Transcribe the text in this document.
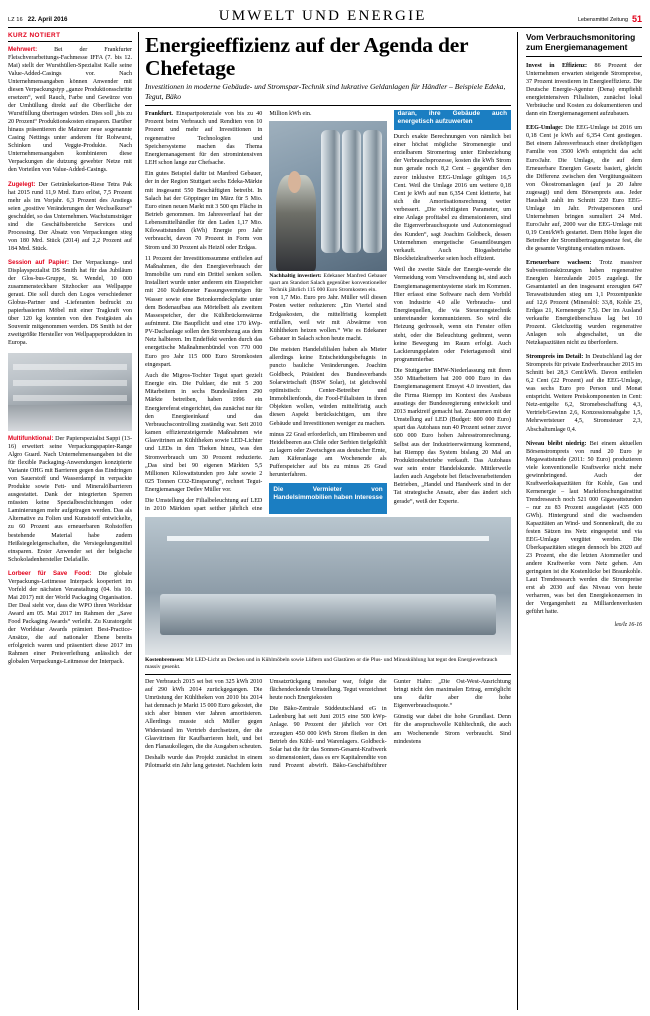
LZ 16 22. April 2016	UMWELT UND ENERGIE	Lebensmittel Zeitung 51
KURZ NOTIERT
Mehrwert:	Bei der Frankfurter Fleischverarbeitungs-Fachmesse IFFA (7. bis 12. Mai) stellt der Wursthüllen-Spezialist Kalle seine Value-Added-Casings vor. Nach Unternehmensangaben können Anwender mit diesen Verpackungstyp „ganze Produktionsschritte ersetzen“, weil Rauch, Farbe und Gewürze von der Umhüllung direkt auf die Oberfläche der Wurstfüllung übertragen würden. Dies soll „bis zu 20 Prozent“ Produktionskosten einsparen. Darüber hinaus präsentieren die Mainzer neue sogenannte Casing Nettings unter anderem für Rohwurst, Schinken und Veggie-Produkte. Nach Unternehmensangaben kombinieren diese Verpackungen die dutzung gewebter Netze mit den Vorteilen von Value-Added-Casings.
Zugelegt: Der Getränkekarton-Riese Tetra Pak hat 2015 rund 11,9 Mrd. Euro erlöst, 7,5 Prozent mehr als im Vorjahr. 6,3 Prozent des Anstiegs seien „positive Veränderungen der Wechselkurse“ geschuldet, so das Unternehmen. Wachstumsträger sind die Geschäftsbereiche Services und Processing. Der Absatz von Verpackungen stieg von 180 Mrd. Stück (2014) auf 2,2 Prozent auf 184 Mrd. Stück.
Session auf Papier: Der Verpackungs- und Displayspezialist DS Smith hat für das Jubiläum der Glos-bus-Gruppe, St. Wendel, 10 000 zusammensteckbare Sitzhocker aus Wellpappe geraut. Die soll durch den Logos verschiedener Globus-Partner und -Lieferanten bedruckt zu papierbasierten Möbel mit einer Tragkraft von über 120 kg konnten von den Festgästen als Souvenir mitgenommen werden. DS Smith ist der zweitgrößte Hersteller von Wellpappeprodukten in Europa.
Multifunktional: Der Papierspezialist Sappi (13-16) erweitert seine Verpackungspapier-Range Algro Guard. Nach Unternehmensangaben ist die für flexible Packaging-Anwendungen konzipierte Variante OHG mit Barrieren gegen das Eindringen von Sauerstoff und Wasserdampf in verpackte Produkte sowie Fett- und Mineralölbarrieren ausgestattet. Dank der integrierten Sperren müssten keine Spezialbeschichtungen oder Laminierungen mehr aufgetragen werden. Das als Alternative zu Folien und Kunststoff entwickelte, zu 60 Prozent aus erneuerbaren Rohstoffen bestehende Material habe zudem Heißsiegeleigenschaften, die Versiegelungsmittel einsparen. Erster Anwender sei der belgische Schokoladenhersteller Delafaille.
Lorbeer für Save Food: Die globale Verpackungs-Leitmesse Interpack kooperiert im Vorfeld der nächsten Veranstaltung (04. bis 10. Mai 2017) mit der World Packaging Organisation. Der Deal sieht vor, dass die WPO ihren Worldstar Award am 05. Mai 2017 im Rahmen der „Save Food Packaging Awards“ verleiht. Zu Kuratorgeht der Worldstar Awards prämiert Best-Practice-Ansätze, die auf nationaler Ebene bereits erfolgreich waren und präsentiert diese 2017 im Rahmen einer Preisverleihung anlässlich der globalen Verpackungs-Leitmesse der Interpack.
Energieeffizienz auf der Agenda der Chefetage
Investitionen in moderne Gebäude- und Stromspar-Technik sind lukrative Geldanlagen für Händler – Beispiele Edeka, Tegut, Bäko

Frankfurt. Einspartpotenziale von bis zu 40 Prozent beim Verbrauch und Renditen von 10 Prozent und mehr auf Investitionen in regenerative Technologien und Speichersysteme machen das Thema Energiemanagement für den stromintensiven LEH schon lange zur Chefsache.

Ein gutes Beispiel dafür ist Manfred Gebauer, der in der Region Stuttgart sechs Edeka-Märkte mit insgesamt 550 Beschäftigten betreibt. In Salach hat der Göppinger im März für 5 Mio. Euro einen neuen Markt mit 3 500 qm Fläche in Betrieb genommen. Im Jahresverlauf hat der Lebensmittelhändler für den Laden 1,17 Mio. Kilowattstunden (kWh) Energie pro Jahr verbraucht, davon 70 Prozent in Form von Strom und 30 Prozent als Heizöl oder Erdgas.

11 Prozent der Investitionssumme entfielen auf Maßnahmen, die den Energieverbrauch der Immobilie um rund ein Drittel senken sollen. Installiert wurde unter anderem ein Eisspeicher mit 260 Kubikmeter Fassungsvermögen für Wasser sowie eine Betonkerndeckplatte unter dem Bodenaufbau aus Mörtelbett als zweitem Massespeicher, der die Kühlbrückenwärme aufnimmt. Die Baupflicht und eine 170 kWp-PV-Dachanlage sollen den Strombezug aus dem Netz halbieren. Im Endeffekt werden durch das energetische Maßnahmenbündel von 770 000 Euro pro Jahr 115 000 Euro Stromkosten eingespart.

Auch die Migros-Tochter Tegut spart gezielt Energie ein. Die Fuldaer, die mit 5 200 Mitarbeitern in sechs Bundesländern 290 Märkte betreiben, haben 1996 ein Energiereferat eingerichtet, das zunächst nur für den Energieeinkauf und das Verbrauchscontrolling zuständig war. Seit 2010 kamen effizienzsteigernde Maßnahmen wie Glasvitrinen an Kühltheken sowie LED-Lichter und LEDs in den Theken hinzu, was den Stromverbrauch um 30 Prozent reduzierte. „Das sind bei 90 eigenen Märkten 5,5 Millionen Kilowattstunden pro Jahr sowie 2 025 Tonnen CO2-Einsparung“, rechnet Tegut-Energiemanager Detlev Müller vor.

Die Umstellung der Filialbeleuchtung auf LED in 2010 Märkten spart seither jährlich eine Million kWh ein.

Nachhaltig investiert: Edekaner Manfred Gebauer spart am Standort Salach gegenüber konventioneller Technik jährlich 115 000 Euro Stromkosten ein.

von 1,7 Mio. Euro pro Jahr. Müller will diesen Posten weiter reduzieren: „Ein Viertel sind Erdgaskosten, die mittelfristig komplett entfallen, weil wir mit Abwärme von Kühltheken heizen wollen.“ Wie es Edekaner Gebauer in Salach schon heute macht.

Die meisten Handelsfilialen haben als Mieter allerdings keine Entscheidungsbefugnis in puncto bauliche Veränderungen. Joachim Goldbeck, Präsident des Bundesverbands Solarwirtschaft (BSW Solar), ist gleichwohl optimistisch: Center-Betreiber und Immobilienfonds, die Food-Filialisten in ihren Objekten wollen, würden mittelfristig auch diesen Aspekt berücksichtigen, um ihre Gebäude und Investitionen weniger zu machen.

minus 22 Grad erforderlich, um Himbeeren und Heidelbeeren aus Chile oder Serbien tiefgekühlt zu lagern oder Zwetschgen aus deutscher Ernte, Jam Käferanlage am Wochenende als Pufferspeicher auf bis zu minus 26 Grad herunterfahren.

Die Vermieter von Handelsimmobilien haben Interesse daran, ihre Gebäude auch energetisch aufzuwerten

Durch exakte Berechnungen von nämlich bei einer höchst mögliche Stromenergie und erzielbarem Stromertrag unter Einbeziehung der Verbrauchsprozesse, kosten die kWh Strom nun gerade noch 8,2 Cent – gegenüber den zuvor inklusive EEG-Umlage gültigen 16,5 Cent. Weil die Umlage 2016 um weitere 0,18 Cent je kWh auf nun 6,354 Cent kletterte, hat sich die Amortisationsrechnung weiter verbessert. „Die wichtigsten Parameter, um eine Anlage profitabel zu dimensionieren, sind die Eigenverbrauchsquote und Autonomiegrad des Kunden“, sagt Joachim Goldbeck, dessen Unternehmen energetische Gesamtlösungen verkauft. Auch Biogasbetriebe Blockheizkraftwerke seien hoch effizient.

Weil die zweite Säule der Energie-wende die Vermeidung vom Verschwendung ist, sind auch Energiemanagementsysteme stark im Kommen. Hier erfasst eine Software nach dem Vorbild von Industrie 4.0 alle Verbrauchs- und Energiequellen, die via Steuerungstechnik untereinander kommunizieren. So wird die Heizung gedrosselt, wenn ein Fenster offen steht, oder die Beleuchtung gedimmt, wenn keine Bewegung im Raum erfolgt. Auch Lackierungsplaten oder Feiertagsmodi sind programmierbar.

Die Stuttgarter BMW-Niederlassung mit ihren 350 Mitarbeitern hat 200 000 Euro in das Energiemanagement Emsyst 4.0 investiert, das die Firma Riempp im Kontext des Ausbaus ausstiegs der Bundesregierung entwickelt und 2013 marktreif gemacht hat. Zusammen mit der Umstellung auf LED (Budget: 800 000 Euro) spart das Autohaus nun 40 Prozent seiner zuvor 600 000 Euro hohen Jahresstromrechnung. Selbst aus der Industrieerwärmung kommend, hat Riempp das System bislang 20 Mal an Produktionsbetriebe verkauft. Das Autohaus war sein erster Handelskunde. Mittlerweile laufen auch Angebote bei fleischverarbeitenden Betrieben, „Handel und Handwerk sind in der Tat strategische Ansatz, aber das ändert sich gerade“, weiß der Experte.

Kostenbremsen: Mit LED-Licht an Decken und in Kühlmöbeln sowie Lüftern und Glastüren or die Plus- und Minuskühlung hat tegut den Energieverbrauch massiv gesenkt.

Der Verbrauch 2015 sei bei von 325 kWh 2010 auf 290 kWh 2014 zurückgegangen. Die Umrüstung der Kühltheken von 2010 bis 2014 hat demnach je Markt 15 000 Euro gekostet, die sich aber binnen vier Jahren amortisieren. Allerdings musste sich Müller gegen Widerstand im Vertrieb durchsetzen, der die Glasvitrinen für Kaufbarrieren hielt, und bei den Flanaukollegen, die die Ausgaben scheuten.

Deshalb wurde das Projekt zunächst in einem Pilotmarkt ein Jahr lang getestet. Nachdem kein Umsatzrückgang messbar war, folgte die flächendeckende Umstellung. Tegut verzeichnet heute noch Energiekosten

Die Bäko-Zentrale Süddeutschland eG in Ladenburg hat seit Juni 2015 eine 500 kWp-Anlage. 90 Prozent der jährlich vor Ort erzeugten 450 000 kWh Strom fließen in den Betrieb des Kühl- und Warenlagers. Goldbeck-Solar hat die für das Sonnen-Gesamt-Kraftwerk so dimensioniert, dass es erv Kapitalrendite von rund Prozent abwirft. Bäko-Geschäftsführer Gunter Hahn: „Die Ost-West-Ausrichtung bringt nicht den maximalen Ertrag, ermöglicht uns dafür aber die hohe Eigenverbrauchsquote.“

Günstig war dabei die hohe Grundlast. Denn für die anspruchsvolle Kühltechnik, die auch am Wochenende Strom verbraucht. Sind mindestens

Vom Verbrauchsmonitoring zum Energiemanagement
Invest in Effizienz: 86 Prozent der Unternehmen erwarten steigende Strompreise, 37 Prozent investieren in Energieeffizienz. Die Deutsche Energie-Agentur (Dena) empfiehlt energieintensiven Filialisten, zunächst lokal Verbräuche und Kosten zu dokumentieren und dann ein Energiemanagement aufzubauen.
EEG-Umlage: Die EEG-Umlage ist 2016 um 0,18 Cent je kWh auf 6,354 Cent gestiegen. Bei einem Jahresverbrauch einer dreiköpfigen Familie von 3500 kWh entspricht das acht Euro/Jahr. Die Umlage, die auf dem Erneuerbare Energien Gesetz basiert, gleicht die Differenz zwischen den Vergütungssätzen von Ökostromanlagen (auf ja 20 Jahre zugesagt) und dem Börsenpreis aus. Jeder Haushalt zahlt im Schnitt 220 Euro EEG-Umlage im Jahr. Privatpersonen und Unternehmen bringen sumuliert 24 Mrd. Euro/Jahr auf, 2000 war die EEG-Umlage mit 0,19 Cent/kWh gestartet. Dem Höhe legen die Betreiber der Stromübertragungsnetze fest, die die gesamte Vergütung erstatten müssen.
Erneuerbare wachsen: Trotz massiver Subventionskürzungen haben regenerative Energien hierzulande 2015 zugelegt. Ihr Gesamtanteil an den insgesamt erzeugten 647 Terawattstunden stieg um 1,1 Prozentpunkte auf 12,6 Prozent (Mineralöl: 33,8, Kohle 25, Erdgas 21, Kernenergie 7,5). Der im Ausland verkaufte Energieüberschuss lag bei 10 Prozent. Gleichzeitig wurden regenerative Anlagen sols abgeschaltet, un die Netzkapazitäten nicht zu überfordern.
Strompreis im Detail: In Deutschland lag der Strompreis für private Endverbraucher 2015 im Schnitt bei 28,3 Cent/kWh. Davon entfielen 6,2 Cent (22 Prozent) auf die EEG-Umlage, was sechs Euro pro Person und Monat entspricht. Weitere Preiskomponenten in Cent: Netz-entgelte 6,2, Stromebeschaffung 4,3, Vertrieb/Gewinn 2,6, Konzessionsabgabe 1,5, Mehrwertsteuer 4,5, Stromsteuer 2,3, Abschaltumlage 0,4.
Niveau bleibt niedrig: Bei einem aktuellen Börsenstrompreis von rund 20 Euro je Megawattstunde (2011: 50 Euro) produzieren viele konventionelle Kraftwerke nicht mehr gewinnbringend. Auch der Kraftwerkskapazitäten für Kohle, Gas und Kernenergie – laut Marktforschungsinstitut Trendresearch noch 521 000 Gigawattstunden – nur zu 83 Prozent ausgelastet (435 000 GWh). Hintergrund sind die wachsenden Kapazitäten an Wind- und Sonnenkraft, die zu festen Sätzen ins Netz eingespeist und via EEG-Umlage vergütet werden. Die Überkapazitäten stiegen dennoch bis 2020 auf 23 Prozent, ehe die letzten Atommeiler und andere Kraftwerke vom Netz gehen. Am geringsten ist die Kostenlücke bei Braunkohle. Laut Trendresearch werden die Strompreise erst ab 2030 auf das Niveau von heute verharren, was bei den Energiekonzernen in der Vergangenheit zu Milliardenverlusten geführt hatte.
leo/lz 16-16
